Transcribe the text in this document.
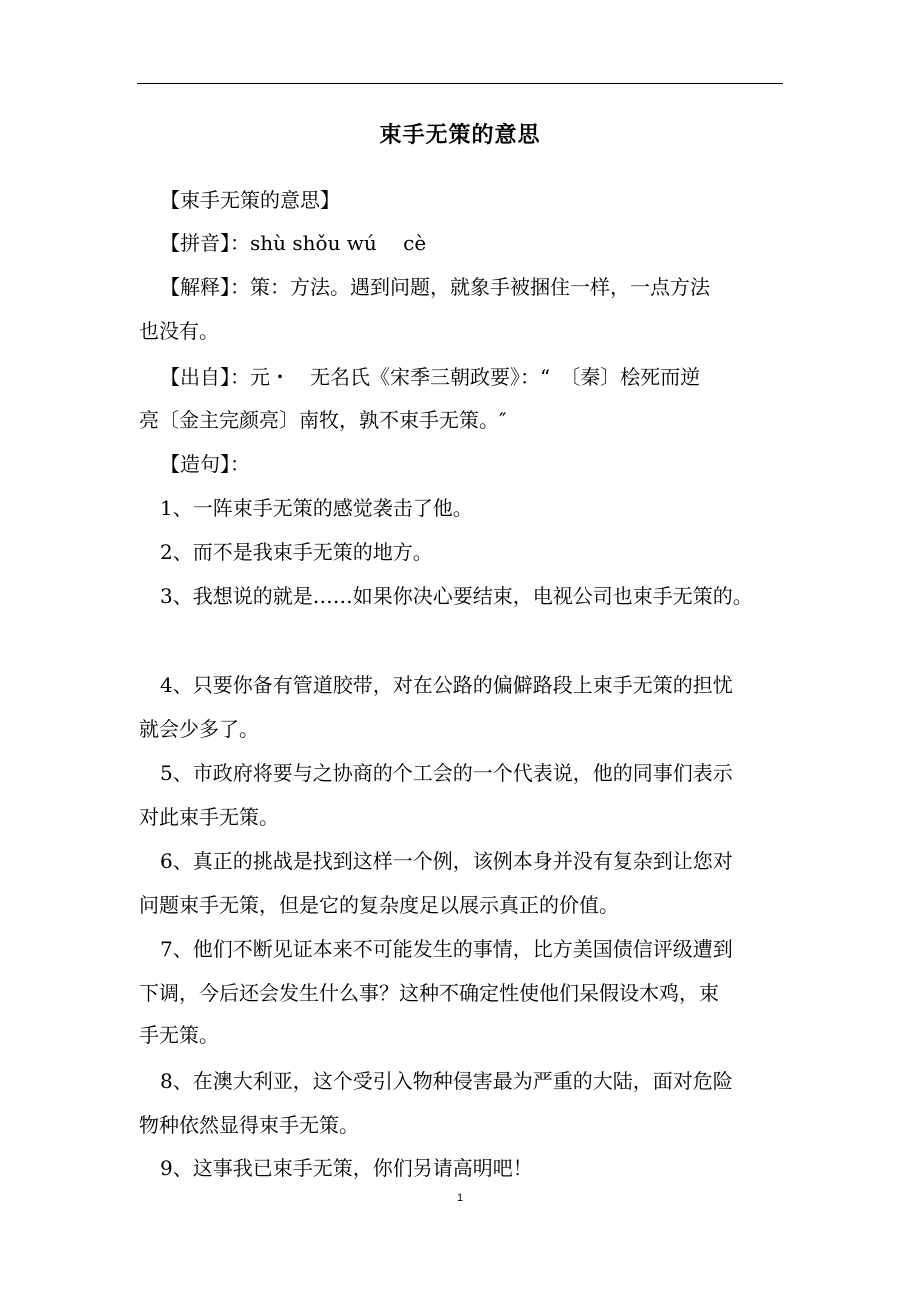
束手无策的意思
【束手无策的意思】
【拼音】：shù shǒu wú　 cè
【解释】：策：方法。遇到问题，就象手被捆住一样，一点方法
也没有。
【出自】：元・　无名氏《宋季三朝政要》：“　〔秦〕桧死而逆
亮〔金主完颜亮〕南牧，孰不束手无策。″
【造句】：
1、一阵束手无策的感觉袭击了他。
2、而不是我束手无策的地方。
3、我想说的就是……如果你决心要结束，电视公司也束手无策的。
4、只要你备有管道胶带，对在公路的偏僻路段上束手无策的担忧
就会少多了。
5、市政府将要与之协商的个工会的一个代表说，他的同事们表示
对此束手无策。
6、真正的挑战是找到这样一个例，该例本身并没有复杂到让您对
问题束手无策，但是它的复杂度足以展示真正的价值。
7、他们不断见证本来不可能发生的事情，比方美国债信评级遭到
下调，今后还会发生什么事？这种不确定性使他们呆假设木鸡，束
手无策。
8、在澳大利亚，这个受引入物种侵害最为严重的大陆，面对危险
物种依然显得束手无策。
9、这事我已束手无策，你们另请高明吧！
1
